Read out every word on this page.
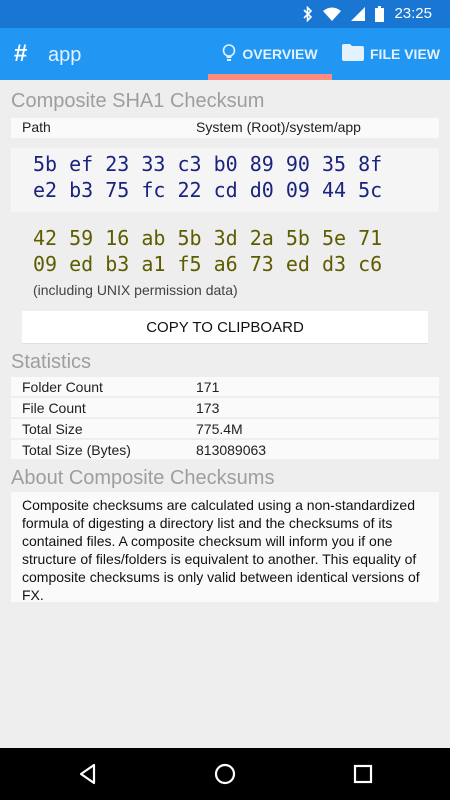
23:25
# app	OVERVIEW	FILE VIEW
Composite SHA1 Checksum
Path	System (Root)/system/app
5b ef 23 33 c3 b0 89 90 35 8f
e2 b3 75 fc 22 cd d0 09 44 5c
42 59 16 ab 5b 3d 2a 5b 5e 71
09 ed b3 a1 f5 a6 73 ed d3 c6
(including UNIX permission data)
COPY TO CLIPBOARD
Statistics
Folder Count	171
File Count	173
Total Size	775.4M
Total Size (Bytes)	813089063
About Composite Checksums
Composite checksums are calculated using a non-standardized formula of digesting a directory list and the checksums of its contained files. A composite checksum will inform you if one structure of files/folders is equivalent to another. This equality of composite checksums is only valid between identical versions of FX.
